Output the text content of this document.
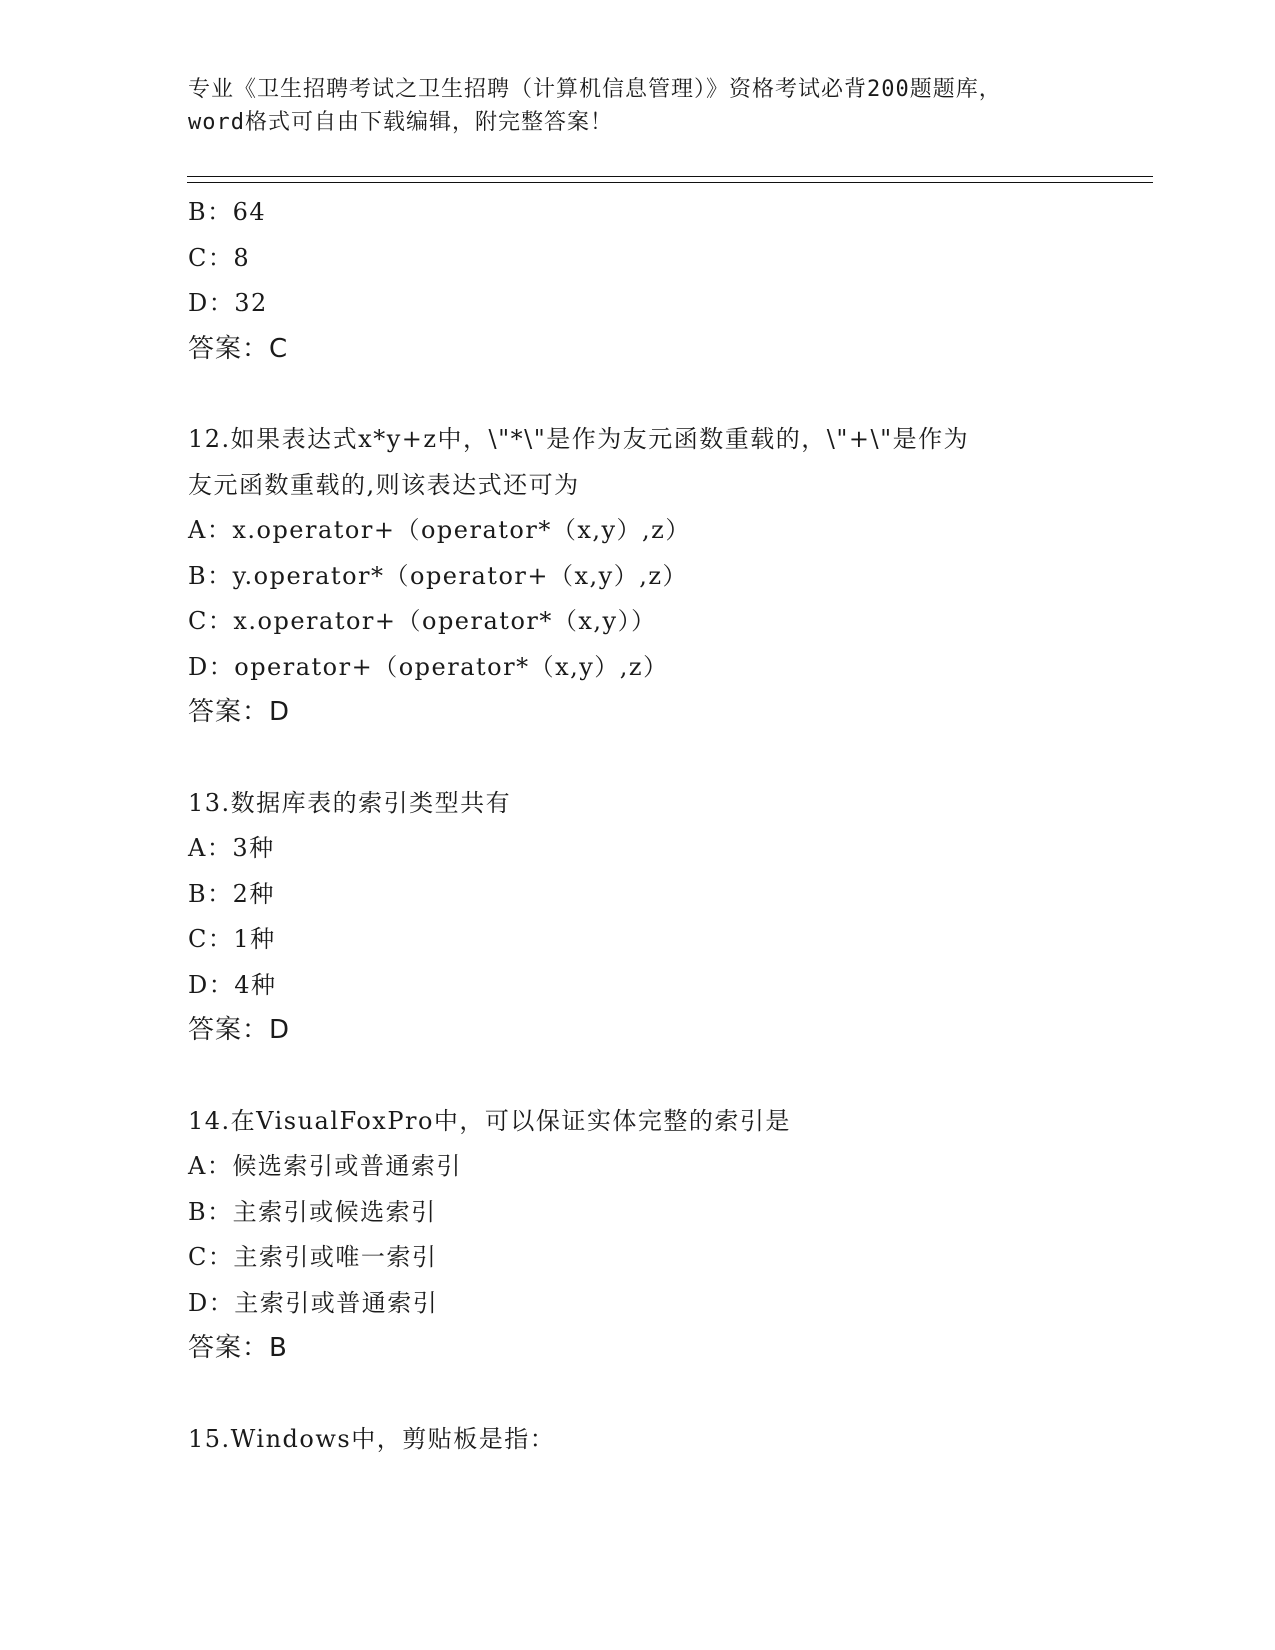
专业《卫生招聘考试之卫生招聘（计算机信息管理）》资格考试必背200题题库，
word格式可自由下载编辑，附完整答案！
B：64
C：8
D：32
答案：C
12.如果表达式x*y+z中，\"*\"是作为友元函数重载的，\"+\"是作为
友元函数重载的,则该表达式还可为
A：x.operator+（operator*（x,y）,z）
B：y.operator*（operator+（x,y）,z）
C：x.operator+（operator*（x,y））
D：operator+（operator*（x,y）,z）
答案：D
13.数据库表的索引类型共有
A：3种
B：2种
C：1种
D：4种
答案：D
14.在VisualFoxPro中，可以保证实体完整的索引是
A：候选索引或普通索引
B：主索引或候选索引
C：主索引或唯一索引
D：主索引或普通索引
答案：B
15.Windows中，剪贴板是指：
